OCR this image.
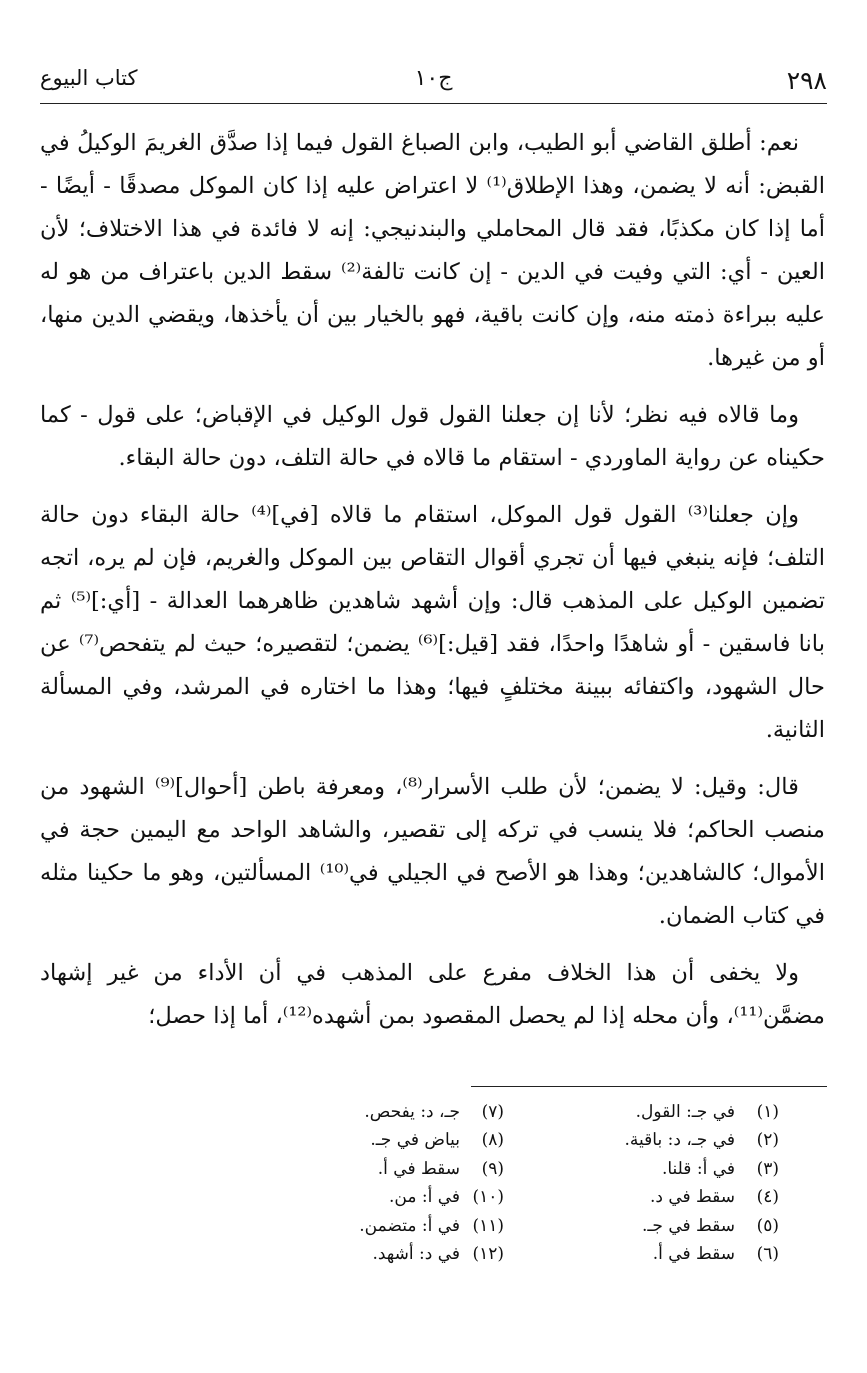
٢٩٨
ج١٠
كتاب البيوع

نعم: أطلق القاضي أبو الطيب، وابن الصباغ القول فيما إذا صدَّق الغريمَ الوكيلُ في القبض: أنه لا يضمن، وهذا الإطلاق⁽¹⁾ لا اعتراض عليه إذا كان الموكل مصدقًا - أيضًا - أما إذا كان مكذبًا، فقد قال المحاملي والبندنيجي: إنه لا فائدة في هذا الاختلاف؛ لأن العين - أي: التي وفيت في الدين - إن كانت تالفة⁽²⁾ سقط الدين باعتراف من هو له عليه ببراءة ذمته منه، وإن كانت باقية، فهو بالخيار بين أن يأخذها، ويقضي الدين منها، أو من غيرها.

وما قالاه فيه نظر؛ لأنا إن جعلنا القول قول الوكيل في الإقباض؛ على قول - كما حكيناه عن رواية الماوردي - استقام ما قالاه في حالة التلف، دون حالة البقاء.

وإن جعلنا⁽³⁾ القول قول الموكل، استقام ما قالاه [في]⁽⁴⁾ حالة البقاء دون حالة التلف؛ فإنه ينبغي فيها أن تجري أقوال التقاص بين الموكل والغريم، فإن لم يره، اتجه تضمين الوكيل على المذهب قال: وإن أشهد شاهدين ظاهرهما العدالة - [أي:]⁽⁵⁾ ثم بانا فاسقين - أو شاهدًا واحدًا، فقد [قيل:]⁽⁶⁾ يضمن؛ لتقصيره؛ حيث لم يتفحص⁽⁷⁾ عن حال الشهود، واكتفائه ببينة مختلفٍ فيها؛ وهذا ما اختاره في المرشد، وفي المسألة الثانية.

قال: وقيل: لا يضمن؛ لأن طلب الأسرار⁽⁸⁾، ومعرفة باطن [أحوال]⁽⁹⁾ الشهود من منصب الحاكم؛ فلا ينسب في تركه إلى تقصير، والشاهد الواحد مع اليمين حجة في الأموال؛ كالشاهدين؛ وهذا هو الأصح في الجيلي في⁽¹⁰⁾ المسألتين، وهو ما حكينا مثله في كتاب الضمان.

ولا يخفى أن هذا الخلاف مفرع على المذهب في أن الأداء من غير إشهاد مضمَّن⁽¹¹⁾، وأن محله إذا لم يحصل المقصود بمن أشهده⁽¹²⁾، أما إذا حصل؛

(١)
في جـ: القول.
(٢)
في جـ، د: باقية.
(٣)
في أ: قلنا.
(٤)
سقط في د.
(٥)
سقط في جـ.
(٦)
سقط في أ.
(٧)
جـ، د: يفحص.
(٨)
بياض في جـ.
(٩)
سقط في أ.
(١٠)
في أ: من.
(١١)
في أ: متضمن.
(١٢)
في د: أشهد.
